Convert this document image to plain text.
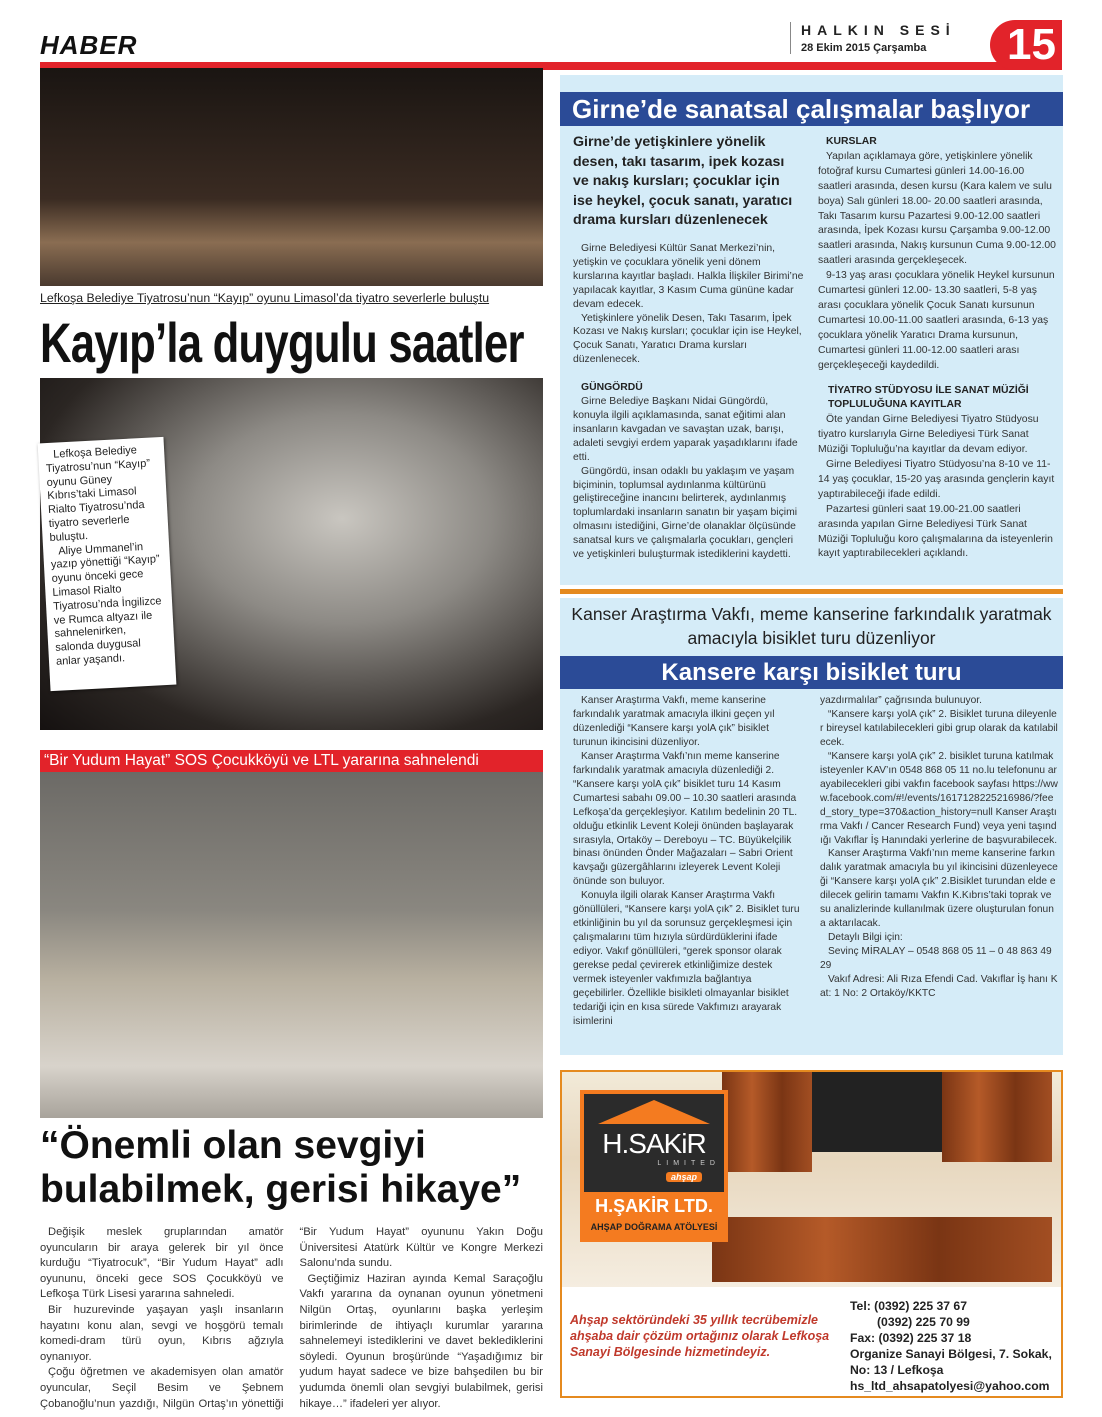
HABER	HALKIN SESİ
28 Ekim 2015 Çarşamba	15
Lefkoşa Belediye Tiyatrosu’nun “Kayıp” oyunu Limasol’da tiyatro severlerle buluştu
Kayıp’la duygulu saatler

Lefkoşa Belediye Tiyatrosu’nun “Kayıp” oyunu Güney Kıbrıs’taki Limasol Rialto Tiyatrosu’nda tiyatro severlerle buluştu.

Aliye Ummanel’in yazıp yönettiği “Kayıp” oyunu önceki gece Limasol Rialto Tiyatrosu’nda İngilizce ve Rumca altyazı ile sahnelenirken, salonda duygusal anlar yaşandı.

“Bir Yudum Hayat” SOS Çocukköyü ve LTL yararına sahnelendi
“Önemli olan sevgiyi bulabilmek, gerisi hikaye”

Değişik meslek gruplarından amatör oyuncuların bir araya gelerek bir yıl önce kurduğu “Tiyatrocuk”, “Bir Yudum Hayat” adlı oyununu, önceki gece SOS Çocukköyü ve Lefkoşa Türk Lisesi yararına sahneledi.

Bir huzurevinde yaşayan yaşlı insanların hayatını konu alan, sevgi ve hoşgörü temalı komedi-dram türü oyun, Kıbrıs ağzıyla oynanıyor.

Çoğu öğretmen ve akademisyen olan amatör oyuncular, Seçil Besim ve Şebnem Çobanoğlu’nun yazdığı, Nilgün Ortaş’ın yönettiği “Bir Yudum Hayat” oyununu Yakın Doğu Üniversitesi Atatürk Kültür ve Kongre Merkezi Salonu’nda sundu.

Geçtiğimiz Haziran ayında Kemal Saraçoğlu Vakfı yararına da oynanan oyunun yönetmeni Nilgün Ortaş, oyunlarını başka yerleşim birimlerinde de ihtiyaçlı kurumlar yararına sahnelemeyi istediklerini ve davet beklediklerini söyledi. Oyunun broşüründe “Yaşadığımız bir yudum hayat sadece ve bize bahşedilen bu bir yudumda önemli olan sevgiyi bulabilmek, gerisi hikaye…” ifadeleri yer alıyor.

Girne’de sanatsal çalışmalar başlıyor
Girne’de yetişkinlere yönelik desen, takı tasarım, ipek kozası ve nakış kursları; çocuklar için ise heykel, çocuk sanatı, yaratıcı drama kursları düzenlenecek

Girne Belediyesi Kültür Sanat Merkezi’nin, yetişkin ve çocuklara yönelik yeni dönem kurslarına kayıtlar başladı. Halkla İlişkiler Birimi’ne yapılacak kayıtlar, 3 Kasım Cuma gününe kadar devam edecek.

Yetişkinlere yönelik Desen, Takı Tasarım, İpek Kozası ve Nakış kursları; çocuklar için ise Heykel, Çocuk Sanatı, Yaratıcı Drama kursları düzenlenecek.

GÜNGÖRDÜ

Girne Belediye Başkanı Nidai Güngördü, konuyla ilgili açıklamasında, sanat eğitimi alan insanların kavgadan ve savaştan uzak, barışı, adaleti sevgiyi erdem yaparak yaşadıklarını ifade etti.

Güngördü, insan odaklı bu yaklaşım ve yaşam biçiminin, toplumsal aydınlanma kültürünü geliştireceğine inancını belirterek, aydınlanmış toplumlardaki insanların sanatın bir yaşam biçimi olmasını istediğini, Girne’de olanaklar ölçüsünde sanatsal kurs ve çalışmalarla çocukları, gençleri ve yetişkinleri buluşturmak istediklerini kaydetti.

KURSLAR

Yapılan açıklamaya göre, yetişkinlere yönelik fotoğraf kursu Cumartesi günleri 14.00-16.00 saatleri arasında, desen kursu (Kara kalem ve sulu boya) Salı günleri 18.00- 20.00 saatleri arasında, Takı Tasarım kursu Pazartesi 9.00-12.00 saatleri arasında, İpek Kozası kursu Çarşamba 9.00-12.00 saatleri arasında, Nakış kursunun Cuma 9.00-12.00 saatleri arasında gerçekleşecek.

9-13 yaş arası çocuklara yönelik Heykel kursunun Cumartesi günleri 12.00- 13.30 saatleri, 5-8 yaş arası çocuklara yönelik Çocuk Sanatı kursunun Cumartesi 10.00-11.00 saatleri arasında, 6-13 yaş çocuklara yönelik Yaratıcı Drama kursunun, Cumartesi günleri 11.00-12.00 saatleri arası gerçekleşeceği kaydedildi.

TİYATRO STÜDYOSU İLE SANAT MÜZİĞİ TOPLULUĞUNA KAYITLAR

Öte yandan Girne Belediyesi Tiyatro Stüdyosu tiyatro kurslarıyla Girne Belediyesi Türk Sanat Müziği Topluluğu’na kayıtlar da devam ediyor.

Girne Belediyesi Tiyatro Stüdyosu’na 8-10 ve 11-14 yaş çocuklar, 15-20 yaş arasında gençlerin kayıt yaptırabileceği ifade edildi.

Pazartesi günleri saat 19.00-21.00 saatleri arasında yapılan Girne Belediyesi Türk Sanat Müziği Topluluğu koro çalışmalarına da isteyenlerin kayıt yaptırabilecekleri açıklandı.

Kanser Araştırma Vakfı, meme kanserine farkındalık yaratmak amacıyla bisiklet turu düzenliyor
Kansere karşı bisiklet turu

Kanser Araştırma Vakfı, meme kanserine farkındalık yaratmak amacıyla ilkini geçen yıl düzenlediği “Kansere karşı yolA çık” bisiklet turunun ikincisini düzenliyor.

Kanser Araştırma Vakfı’nın meme kanserine farkındalık yaratmak amacıyla düzenlediği 2. “Kansere karşı yolA çık” bisiklet turu 14 Kasım Cumartesi sabahı 09.00 – 10.30 saatleri arasında Lefkoşa’da gerçekleşiyor. Katılım bedelinin 20 TL. olduğu etkinlik Levent Koleji önünden başlayarak sırasıyla, Ortaköy – Dereboyu – TC. Büyükelçilik binası önünden Önder Mağazaları – Sabri Orient kavşağı güzergâhlarını izleyerek Levent Koleji önünde son buluyor.

Konuyla ilgili olarak Kanser Araştırma Vakfı gönüllüleri, “Kansere karşı yolA çık” 2. Bisiklet turu etkinliğinin bu yıl da sorunsuz gerçekleşmesi için çalışmalarını tüm hızıyla sürdürdüklerini ifade ediyor. Vakıf gönüllüleri, “gerek sponsor olarak gerekse pedal çevirerek etkinliğimize destek vermek isteyenler vakfımızla bağlantıya geçebilirler. Özellikle bisikleti olmayanlar bisiklet tedariği için en kısa sürede Vakfımızı arayarak isimlerini

yazdırmalılar” çağrısında bulunuyor.

“Kansere karşı yolA çık” 2. Bisiklet turuna dileyenler bireysel katılabilecekleri gibi grup olarak da katılabilecek.

“Kansere karşı yolA çık” 2. bisiklet turuna katılmak isteyenler KAV’ın 0548 868 05 11 no.lu telefonunu arayabilecekleri gibi vakfın facebook sayfası https://www.facebook.com/#!/events/1617128225216986/?feed_story_type=370&action_history=null Kanser Araştırma Vakfı / Cancer Research Fund) veya yeni taşındığı Vakıflar İş Hanındaki yerlerine de başvurabilecek.

Kanser Araştırma Vakfı’nın meme kanserine farkındalık yaratmak amacıyla bu yıl ikincisini düzenleyeceği “Kansere karşı yolA çık” 2.Bisiklet turundan elde edilecek gelirin tamamı Vakfın K.Kıbrıs’taki toprak ve su analizlerinde kullanılmak üzere oluşturulan fonuna aktarılacak.

Detaylı Bilgi için:

Sevinç MİRALAY – 0548 868 05 11 – 0 48 863 49 29

Vakıf Adresi: Ali Rıza Efendi Cad. Vakıflar İş hanı Kat: 1 No: 2 Ortaköy/KKTC

H.SAKiR
LIMITED
ahşap
H.ŞAKİR LTD.
AHŞAP DOĞRAMA ATÖLYESİ
Ahşap sektöründeki 35 yıllık tecrübemizle ahşaba dair çözüm ortağınız olarak Lefkoşa Sanayi Bölgesinde hizmetindeyiz.
Tel: (0392) 225 37 67
(0392) 225 70 99
Fax: (0392) 225 37 18
Organize Sanayi Bölgesi, 7. Sokak,
No: 13 / Lefkoşa
hs_ltd_ahsapatolyesi@yahoo.com
